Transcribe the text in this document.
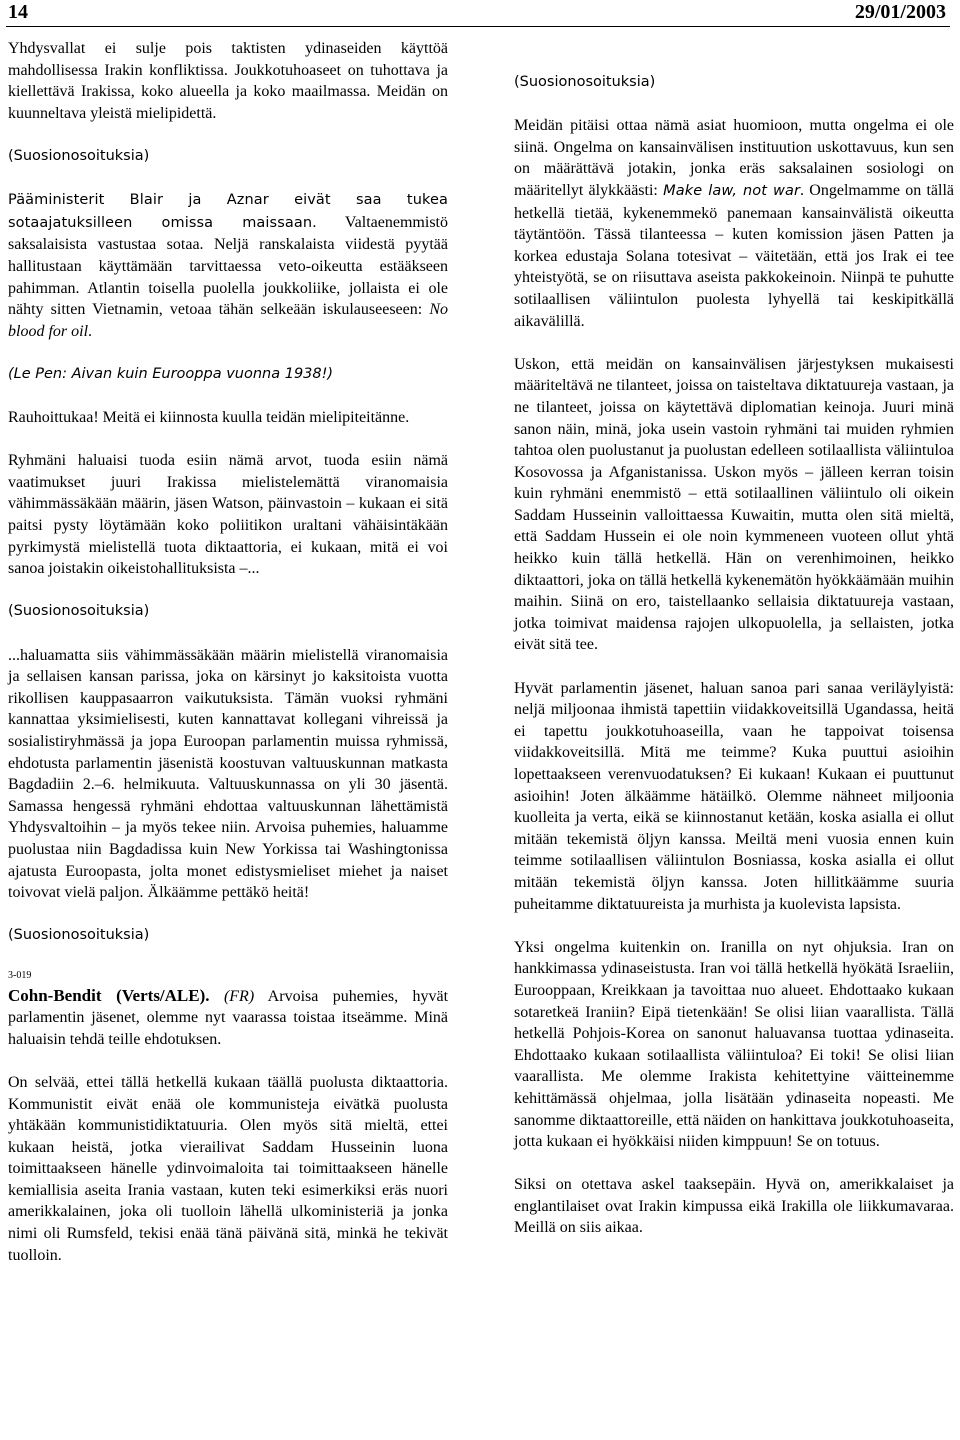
14	29/01/2003

Yhdysvallat ei sulje pois taktisten ydinaseiden käyttöä mahdollisessa Irakin konfliktissa. Joukkotuhoaseet on tuhottava ja kiellettävä Irakissa, koko alueella ja koko maailmassa. Meidän on kuunneltava yleistä mielipidettä.

(Suosionosoituksia)

Pääministerit Blair ja Aznar eivät saa tukea sotaajatuksilleen omissa maissaan. Valtaenemmistö saksalaisista vastustaa sotaa. Neljä ranskalaista viidestä pyytää hallitustaan käyttämään tarvittaessa veto-oikeutta estääkseen pahimman. Atlantin toisella puolella joukkoliike, jollaista ei ole nähty sitten Vietnamin, vetoaa tähän selkeään iskulauseeseen: No blood for oil.

(Le Pen: Aivan kuin Eurooppa vuonna 1938!)

Rauhoittukaa! Meitä ei kiinnosta kuulla teidän mielipiteitänne.

Ryhmäni haluaisi tuoda esiin nämä arvot, tuoda esiin nämä vaatimukset juuri Irakissa mielistelemättä viranomaisia vähimmässäkään määrin, jäsen Watson, päinvastoin – kukaan ei sitä paitsi pysty löytämään koko poliitikon uraltani vähäisintäkään pyrkimystä mielistellä tuota diktaattoria, ei kukaan, mitä ei voi sanoa joistakin oikeistohallituksista –...

(Suosionosoituksia)

...haluamatta siis vähimmässäkään määrin mielistellä viranomaisia ja sellaisen kansan parissa, joka on kärsinyt jo kaksitoista vuotta rikollisen kauppasaarron vaikutuksista. Tämän vuoksi ryhmäni kannattaa yksimielisesti, kuten kannattavat kollegani vihreissä ja sosialistiryhmässä ja jopa Euroopan parlamentin muissa ryhmissä, ehdotusta parlamentin jäsenistä koostuvan valtuuskunnan matkasta Bagdadiin 2.–6. helmikuuta. Valtuuskunnassa on yli 30 jäsentä. Samassa hengessä ryhmäni ehdottaa valtuuskunnan lähettämistä Yhdysvaltoihin – ja myös tekee niin. Arvoisa puhemies, haluamme puolustaa niin Bagdadissa kuin New Yorkissa tai Washingtonissa ajatusta Euroopasta, jolta monet edistysmieliset miehet ja naiset toivovat vielä paljon. Älkäämme pettäkö heitä!

(Suosionosoituksia)

3-019

Cohn-Bendit (Verts/ALE). (FR) Arvoisa puhemies, hyvät parlamentin jäsenet, olemme nyt vaarassa toistaa itseämme. Minä haluaisin tehdä teille ehdotuksen.

On selvää, ettei tällä hetkellä kukaan täällä puolusta diktaattoria. Kommunistit eivät enää ole kommunisteja eivätkä puolusta yhtäkään kommunistidiktatuuria. Olen myös sitä mieltä, ettei kukaan heistä, jotka vierailivat Saddam Husseinin luona toimittaakseen hänelle ydinvoimaloita tai toimittaakseen hänelle kemiallisia aseita Irania vastaan, kuten teki esimerkiksi eräs nuori amerikkalainen, joka oli tuolloin lähellä ulkoministeriä ja jonka nimi oli Rumsfeld, tekisi enää tänä päivänä sitä, minkä he tekivät tuolloin.

(Suosionosoituksia)

Meidän pitäisi ottaa nämä asiat huomioon, mutta ongelma ei ole siinä. Ongelma on kansainvälisen instituution uskottavuus, kun sen on määrättävä jotakin, jonka eräs saksalainen sosiologi on määritellyt älykkäästi: Make law, not war. Ongelmamme on tällä hetkellä tietää, kykenemmekö panemaan kansainvälistä oikeutta täytäntöön. Tässä tilanteessa – kuten komission jäsen Patten ja korkea edustaja Solana totesivat – väitetään, että jos Irak ei tee yhteistyötä, se on riisuttava aseista pakkokeinoin. Niinpä te puhutte sotilaallisen väliintulon puolesta lyhyellä tai keskipitkällä aikavälillä.

Uskon, että meidän on kansainvälisen järjestyksen mukaisesti määriteltävä ne tilanteet, joissa on taisteltava diktatuureja vastaan, ja ne tilanteet, joissa on käytettävä diplomatian keinoja. Juuri minä sanon näin, minä, joka usein vastoin ryhmäni tai muiden ryhmien tahtoa olen puolustanut ja puolustan edelleen sotilaallista väliintuloa Kosovossa ja Afganistanissa. Uskon myös – jälleen kerran toisin kuin ryhmäni enemmistö – että sotilaallinen väliintulo oli oikein Saddam Husseinin valloittaessa Kuwaitin, mutta olen sitä mieltä, että Saddam Hussein ei ole noin kymmeneen vuoteen ollut yhtä heikko kuin tällä hetkellä. Hän on verenhimoinen, heikko diktaattori, joka on tällä hetkellä kykenemätön hyökkäämään muihin maihin. Siinä on ero, taistellaanko sellaisia diktatuureja vastaan, jotka toimivat maidensa rajojen ulkopuolella, ja sellaisten, jotka eivät sitä tee.

Hyvät parlamentin jäsenet, haluan sanoa pari sanaa veriläylyistä: neljä miljoonaa ihmistä tapettiin viidakkoveitsillä Ugandassa, heitä ei tapettu joukkotuhoaseilla, vaan he tappoivat toisensa viidakkoveitsillä. Mitä me teimme? Kuka puuttui asioihin lopettaakseen verenvuodatuksen? Ei kukaan! Kukaan ei puuttunut asioihin! Joten älkäämme hätäilkö. Olemme nähneet miljoonia kuolleita ja verta, eikä se kiinnostanut ketään, koska asialla ei ollut mitään tekemistä öljyn kanssa. Meiltä meni vuosia ennen kuin teimme sotilaallisen väliintulon Bosniassa, koska asialla ei ollut mitään tekemistä öljyn kanssa. Joten hillitkäämme suuria puheitamme diktatuureista ja murhista ja kuolevista lapsista.

Yksi ongelma kuitenkin on. Iranilla on nyt ohjuksia. Iran on hankkimassa ydinaseistusta. Iran voi tällä hetkellä hyökätä Israeliin, Eurooppaan, Kreikkaan ja tavoittaa nuo alueet. Ehdottaako kukaan sotaretkeä Iraniin? Eipä tietenkään! Se olisi liian vaarallista. Tällä hetkellä Pohjois-Korea on sanonut haluavansa tuottaa ydinaseita. Ehdottaako kukaan sotilaallista väliintuloa? Ei toki! Se olisi liian vaarallista. Me olemme Irakista kehitettyine väitteinemme kehittämässä ohjelmaa, jolla lisätään ydinaseita nopeasti. Me sanomme diktaattoreille, että näiden on hankittava joukkotuhoaseita, jotta kukaan ei hyökkäisi niiden kimppuun! Se on totuus.

Siksi on otettava askel taaksepäin. Hyvä on, amerikkalaiset ja englantilaiset ovat Irakin kimpussa eikä Irakilla ole liikkumavaraa. Meillä on siis aikaa.
